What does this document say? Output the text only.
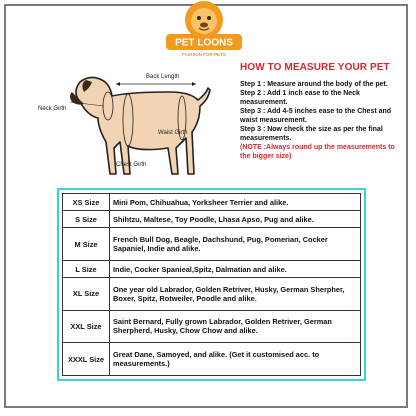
PET LOONS
FASHION FOR PETS
Back Length
Neck Girth
Chest Girth
Waist Girth
HOW TO MEASURE YOUR PET
Step 1 : Measure around the body of the pet.
Step 2 : Add 1 inch ease to the Neck measurement.
Step 3 : Add 4-5 inches ease to the Chest and waist measurement.
Step 3 : Now check the size as per the final measurements.
(NOTE :Always round up the measurements to the bigger size)
XS Size	Mini Pom, Chihuahua, Yorksheer Terrier and alike.
S Size	Shihtzu, Maltese, Toy Poodle, Lhasa Apso, Pug and alike.
M Size	French Bull Dog, Beagle, Dachshund, Pug, Pomerian, Cocker Sapaniel, Indie and alike.
L Size	Indie, Cocker Spanieal,Spitz, Dalmatian and alike.
XL Size	One year old Labrador, Golden Retriver, Husky, German Sherpher, Boxer, Spitz, Rotweiler, Poodle and alike.
XXL Size	Saint Bernard, Fully grown Labrador, Golden Retriver, German Sherpherd, Husky, Chow Chow and alike.
XXXL Size	Great Dane, Samoyed, and alike. (Get it customised acc. to measurements.)
